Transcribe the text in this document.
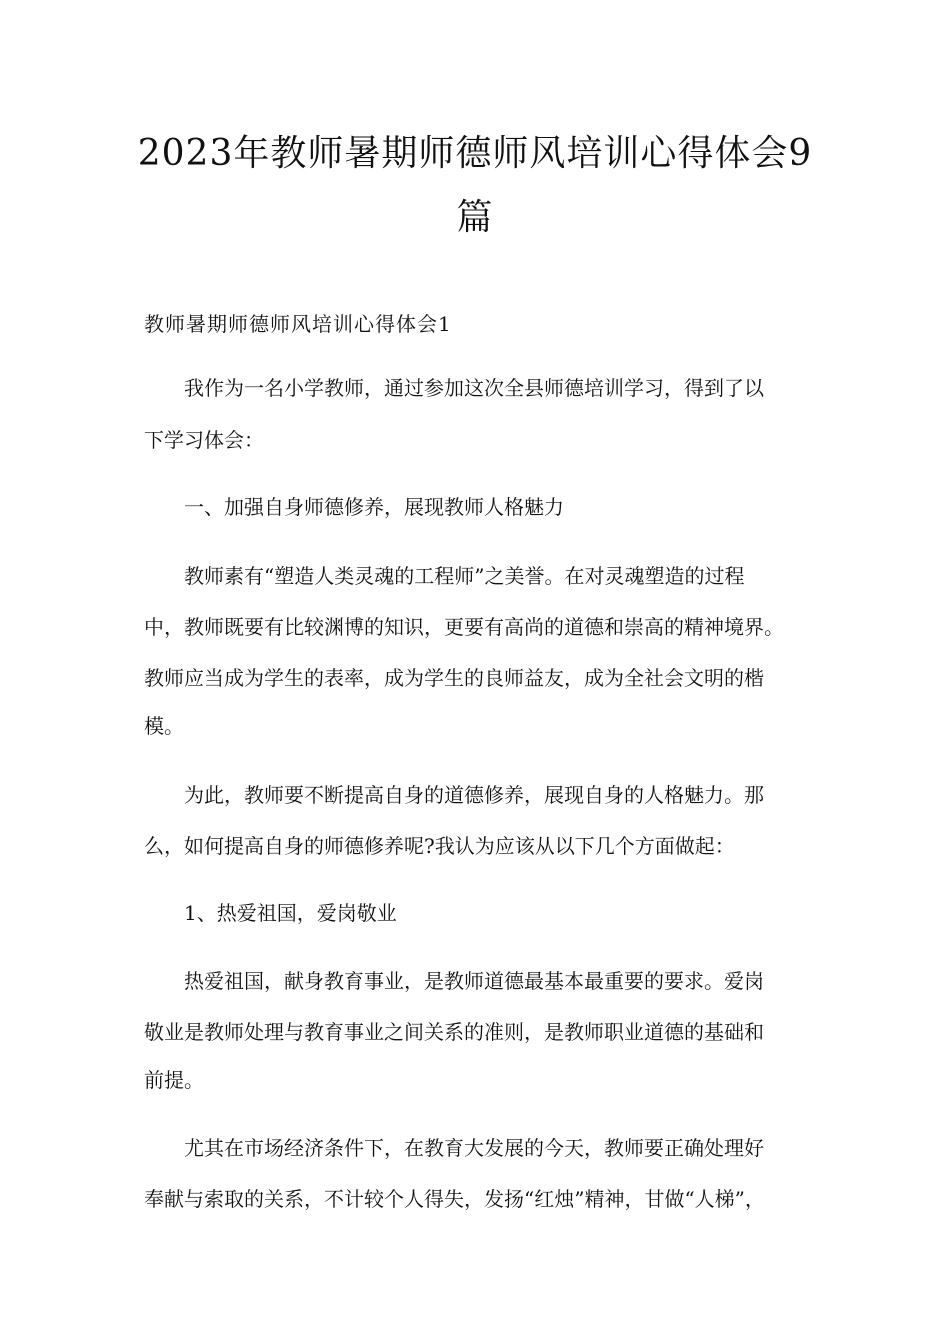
2023年教师暑期师德师风培训心得体会9
篇
教师暑期师德师风培训心得体会1

　　我作为一名小学教师，通过参加这次全县师德培训学习，得到了以

下学习体会：

　　一、加强自身师德修养，展现教师人格魅力

　　教师素有“塑造人类灵魂的工程师”之美誉。在对灵魂塑造的过程

中，教师既要有比较渊博的知识，更要有高尚的道德和崇高的精神境界。

教师应当成为学生的表率，成为学生的良师益友，成为全社会文明的楷

模。

　　为此，教师要不断提高自身的道德修养，展现自身的人格魅力。那

么，如何提高自身的师德修养呢?我认为应该从以下几个方面做起：

　　1、热爱祖国，爱岗敬业

　　热爱祖国，献身教育事业，是教师道德最基本最重要的要求。爱岗

敬业是教师处理与教育事业之间关系的准则，是教师职业道德的基础和

前提。

　　尤其在市场经济条件下，在教育大发展的今天，教师要正确处理好

奉献与索取的关系，不计较个人得失，发扬“红烛”精神，甘做“人梯”，
